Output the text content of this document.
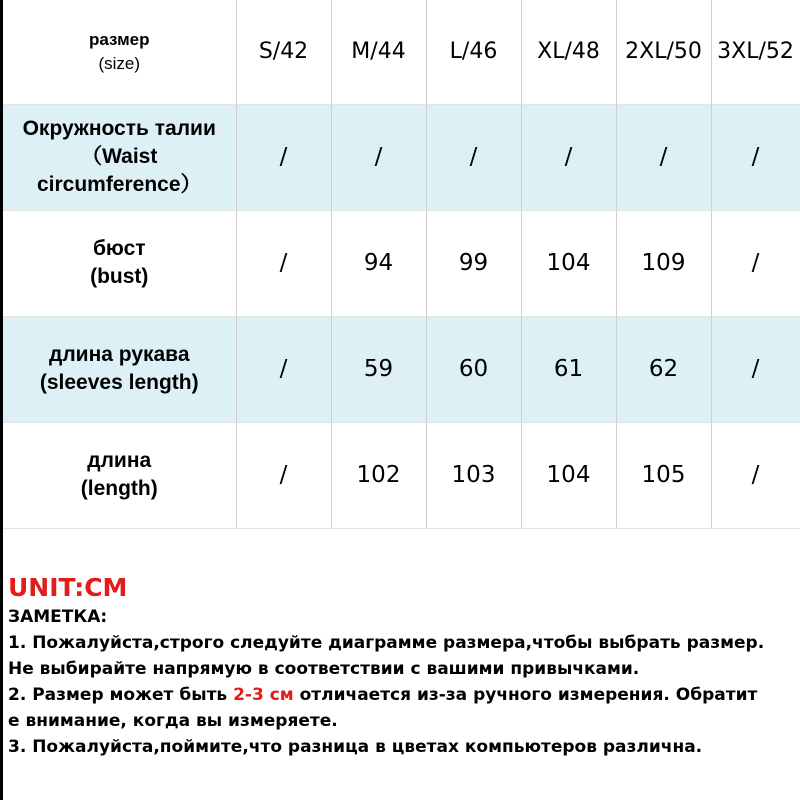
размер
(size)	S/42	M/44	L/46	XL/48	2XL/50	3XL/52

Окружность талии
（Waist
circumference）	/	/	/	/	/	/

бюст
(bust)	/	94	99	104	109	/

длина рукава
(sleeves length)	/	59	60	61	62	/

длина
(length)	/	102	103	104	105	/
UNIT:CM
ЗАМЕТКА:
1. Пожалуйста,строго следуйте диаграмме размера,чтобы выбрать размер.
Не выбирайте напрямую в соответствии с вашими привычками.
2. Размер может быть 2-3 см отличается из-за ручного измерения. Обратит
е внимание, когда вы измеряете.
3. Пожалуйста,поймите,что разница в цветах компьютеров различна.
